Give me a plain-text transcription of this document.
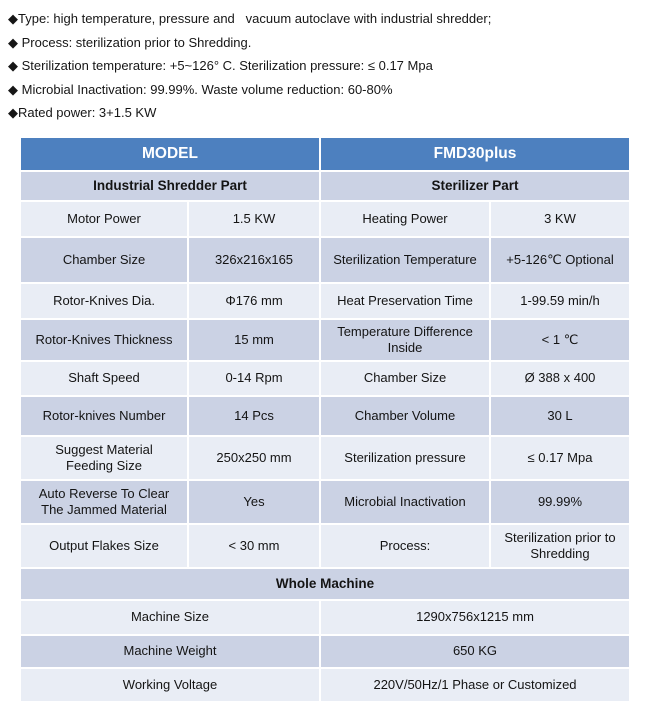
◆Type: high temperature, pressure and   vacuum autoclave with industrial shredder;
◆ Process: sterilization prior to Shredding.
◆ Sterilization temperature: +5~126° C. Sterilization pressure: ≤ 0.17 Mpa
◆ Microbial Inactivation: 99.99%. Waste volume reduction: 60-80%
◆Rated power: 3+1.5 KW
MODEL		FMD30plus	
Industrial Shredder Part		Sterilizer Part	
Motor Power	1.5 KW	Heating Power	3 KW
Chamber Size	326x216x165	Sterilization Temperature	+5-126℃ Optional
Rotor-Knives Dia.	Φ176 mm	Heat Preservation Time	1-99.59 min/h
Rotor-Knives Thickness	15 mm	Temperature Difference Inside	< 1 ℃
Shaft Speed	0-14 Rpm	Chamber Size	Ø 388 x 400
Rotor-knives Number	14 Pcs	Chamber Volume	30 L
Suggest Material Feeding Size	250x250 mm	Sterilization pressure	≤ 0.17 Mpa
Auto Reverse To Clear The Jammed Material	Yes	Microbial Inactivation	99.99%
Output Flakes Size	< 30 mm	Process:	Sterilization prior to Shredding
Whole Machine			
Machine Size		1290x756x1215 mm	
Machine Weight		650 KG	
Working Voltage		220V/50Hz/1 Phase or Customized	
